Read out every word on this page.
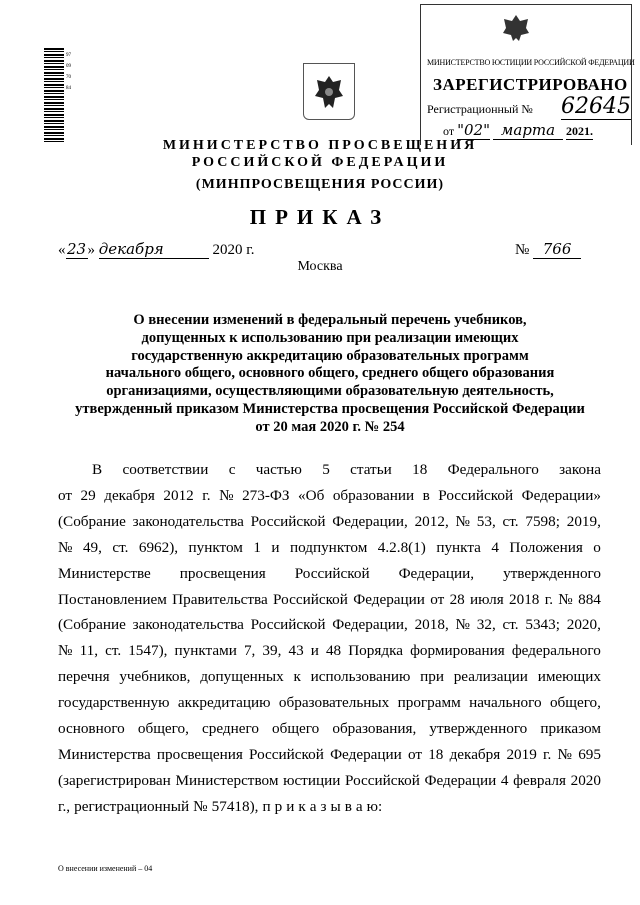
97097084
МИНИСТЕРСТВО ЮСТИЦИИ РОССИЙСКОЙ ФЕДЕРАЦИИ
ЗАРЕГИСТРИРОВАНО
Регистрационный № 62645
от "02" марта 2021.
МИНИСТЕРСТВО ПРОСВЕЩЕНИЯ
РОССИЙСКОЙ ФЕДЕРАЦИИ
(МИНПРОСВЕЩЕНИЯ РОССИИ)
ПРИКАЗ
«23» декабря	2020 г.	№ 766
Москва
О внесении изменений в федеральный перечень учебников,
допущенных к использованию при реализации имеющих
государственную аккредитацию образовательных программ
начального общего, основного общего, среднего общего образования
организациями, осуществляющими образовательную деятельность,
утвержденный приказом Министерства просвещения Российской Федерации
от 20 мая 2020 г. № 254
В соответствии с частью 5 статьи 18 Федерального закона
от 29 декабря 2012 г. № 273-ФЗ «Об образовании в Российской Федерации»
(Собрание законодательства Российской Федерации, 2012, № 53, ст. 7598; 2019,
№ 49, ст. 6962), пунктом 1 и подпунктом 4.2.8(1) пункта 4 Положения о
Министерстве просвещения Российской Федерации, утвержденного
Постановлением Правительства Российской Федерации от 28 июля 2018 г. № 884
(Собрание законодательства Российской Федерации, 2018, № 32, ст. 5343; 2020,
№ 11, ст. 1547), пунктами 7, 39, 43 и 48 Порядка формирования федерального
перечня учебников, допущенных к использованию при реализации имеющих
государственную аккредитацию образовательных программ начального общего,
основного общего, среднего общего образования, утвержденного приказом
Министерства просвещения Российской Федерации от 18 декабря 2019 г. № 695
(зарегистрирован Министерством юстиции Российской Федерации 4 февраля 2020
г., регистрационный № 57418), п р и к а з ы в а ю:
О внесении изменений – 04
